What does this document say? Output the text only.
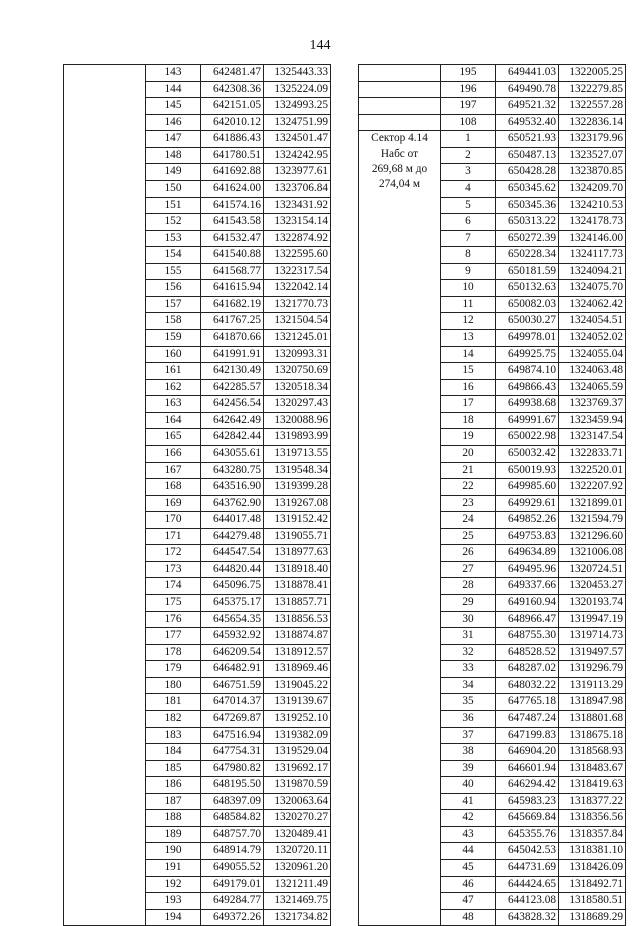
144
	143	642481.47	1325443.33
	144	642308.36	1325224.09
	145	642151.05	1324993.25
	146	642010.12	1324751.99
	147	641886.43	1324501.47
	148	641780.51	1324242.95
	149	641692.88	1323977.61
	150	641624.00	1323706.84
	151	641574.16	1323431.92
	152	641543.58	1323154.14
	153	641532.47	1322874.92
	154	641540.88	1322595.60
	155	641568.77	1322317.54
	156	641615.94	1322042.14
	157	641682.19	1321770.73
	158	641767.25	1321504.54
	159	641870.66	1321245.01
	160	641991.91	1320993.31
	161	642130.49	1320750.69
	162	642285.57	1320518.34
	163	642456.54	1320297.43
	164	642642.49	1320088.96
	165	642842.44	1319893.99
	166	643055.61	1319713.55
	167	643280.75	1319548.34
	168	643516.90	1319399.28
	169	643762.90	1319267.08
	170	644017.48	1319152.42
	171	644279.48	1319055.71
	172	644547.54	1318977.63
	173	644820.44	1318918.40
	174	645096.75	1318878.41
	175	645375.17	1318857.71
	176	645654.35	1318856.53
	177	645932.92	1318874.87
	178	646209.54	1318912.57
	179	646482.91	1318969.46
	180	646751.59	1319045.22
	181	647014.37	1319139.67
	182	647269.87	1319252.10
	183	647516.94	1319382.09
	184	647754.31	1319529.04
	185	647980.82	1319692.17
	186	648195.50	1319870.59
	187	648397.09	1320063.64
	188	648584.82	1320270.27
	189	648757.70	1320489.41
	190	648914.79	1320720.11
	191	649055.52	1320961.20
	192	649179.01	1321211.49
	193	649284.77	1321469.75
	194	649372.26	1321734.82
	195	649441.03	1322005.25
	196	649490.78	1322279.85
	197	649521.32	1322557.28
	108	649532.40	1322836.14

Сектор 4.14
Набс от
269,68 м до
274,04 м	1	650521.93	1323179.96
	2	650487.13	1323527.07
	3	650428.28	1323870.85
	4	650345.62	1324209.70
	5	650345.36	1324210.53
	6	650313.22	1324178.73
	7	650272.39	1324146.00
	8	650228.34	1324117.73
	9	650181.59	1324094.21
	10	650132.63	1324075.70
	11	650082.03	1324062.42
	12	650030.27	1324054.51
	13	649978.01	1324052.02
	14	649925.75	1324055.04
	15	649874.10	1324063.48
	16	649866.43	1324065.59
	17	649938.68	1323769.37
	18	649991.67	1323459.94
	19	650022.98	1323147.54
	20	650032.42	1322833.71
	21	650019.93	1322520.01
	22	649985.60	1322207.92
	23	649929.61	1321899.01
	24	649852.26	1321594.79
	25	649753.83	1321296.60
	26	649634.89	1321006.08
	27	649495.96	1320724.51
	28	649337.66	1320453.27
	29	649160.94	1320193.74
	30	648966.47	1319947.19
	31	648755.30	1319714.73
	32	648528.52	1319497.57
	33	648287.02	1319296.79
	34	648032.22	1319113.29
	35	647765.18	1318947.98
	36	647487.24	1318801.68
	37	647199.83	1318675.18
	38	646904.20	1318568.93
	39	646601.94	1318483.67
	40	646294.42	1318419.63
	41	645983.23	1318377.22
	42	645669.84	1318356.56
	43	645355.76	1318357.84
	44	645042.53	1318381.10
	45	644731.69	1318426.09
	46	644424.65	1318492.71
	47	644123.08	1318580.51
	48	643828.32	1318689.29
